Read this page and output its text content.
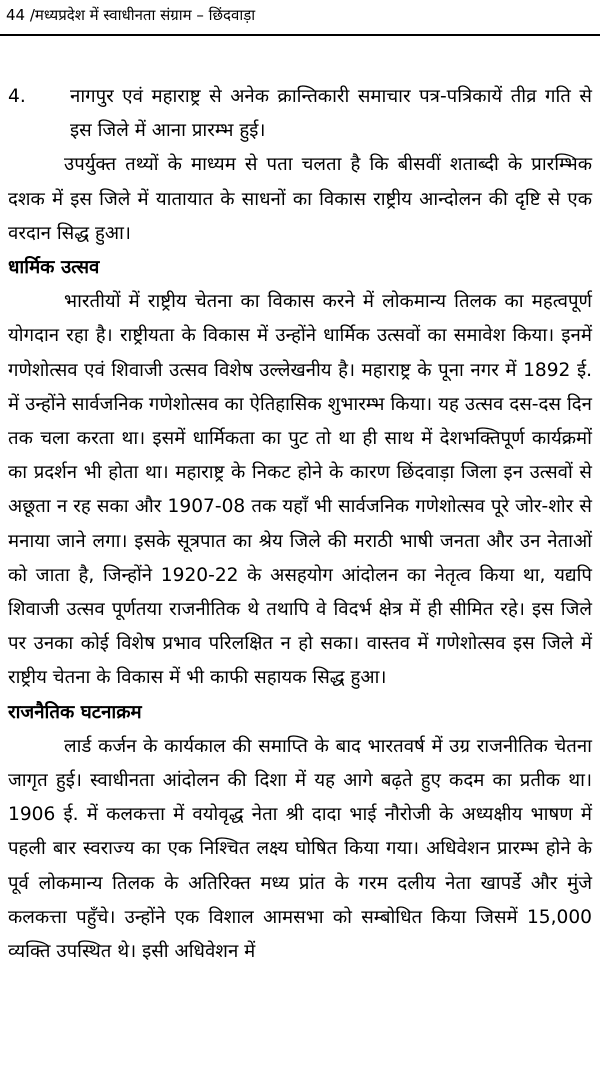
44 /मध्यप्रदेश में स्वाधीनता संग्राम – छिंदवाड़ा
4.	नागपुर एवं महाराष्ट्र से अनेक क्रान्तिकारी समाचार पत्र-पत्रिकायें तीव्र गति से इस जिले में आना प्रारम्भ हुई।

उपर्युक्त तथ्यों के माध्यम से पता चलता है कि बीसवीं शताब्दी के प्रारम्भिक दशक में इस जिले में यातायात के साधनों का विकास राष्ट्रीय आन्दोलन की दृष्टि से एक वरदान सिद्ध हुआ।

धार्मिक उत्सव

भारतीयों में राष्ट्रीय चेतना का विकास करने में लोकमान्य तिलक का महत्वपूर्ण योगदान रहा है। राष्ट्रीयता के विकास में उन्होंने धार्मिक उत्सवों का समावेश किया। इनमें गणेशोत्सव एवं शिवाजी उत्सव विशेष उल्लेखनीय है। महाराष्ट्र के पूना नगर में 1892 ई. में उन्होंने सार्वजनिक गणेशोत्सव का ऐतिहासिक शुभारम्भ किया। यह उत्सव दस-दस दिन तक चला करता था। इसमें धार्मिकता का पुट तो था ही साथ में देशभक्तिपूर्ण कार्यक्रमों का प्रदर्शन भी होता था। महाराष्ट्र के निकट होने के कारण छिंदवाड़ा जिला इन उत्सवों से अछूता न रह सका और 1907-08 तक यहाँ भी सार्वजनिक गणेशोत्सव पूरे जोर-शोर से मनाया जाने लगा। इसके सूत्रपात का श्रेय जिले की मराठी भाषी जनता और उन नेताओं को जाता है, जिन्होंने 1920-22 के असहयोग आंदोलन का नेतृत्व किया था, यद्यपि शिवाजी उत्सव पूर्णतया राजनीतिक थे तथापि वे विदर्भ क्षेत्र में ही सीमित रहे। इस जिले पर उनका कोई विशेष प्रभाव परिलक्षित न हो सका। वास्तव में गणेशोत्सव इस जिले में राष्ट्रीय चेतना के विकास में भी काफी सहायक सिद्ध हुआ।

राजनैतिक घटनाक्रम

लार्ड कर्जन के कार्यकाल की समाप्ति के बाद भारतवर्ष में उग्र राजनीतिक चेतना जागृत हुई। स्वाधीनता आंदोलन की दिशा में यह आगे बढ़ते हुए कदम का प्रतीक था। 1906 ई. में कलकत्ता में वयोवृद्ध नेता श्री दादा भाई नौरोजी के अध्यक्षीय भाषण में पहली बार स्वराज्य का एक निश्चित लक्ष्य घोषित किया गया। अधिवेशन प्रारम्भ होने के पूर्व लोकमान्य तिलक के अतिरिक्त मध्य प्रांत के गरम दलीय नेता खापर्डे और मुंजे कलकत्ता पहुँचे। उन्होंने एक विशाल आमसभा को सम्बोधित किया जिसमें 15,000 व्यक्ति उपस्थित थे। इसी अधिवेशन में
